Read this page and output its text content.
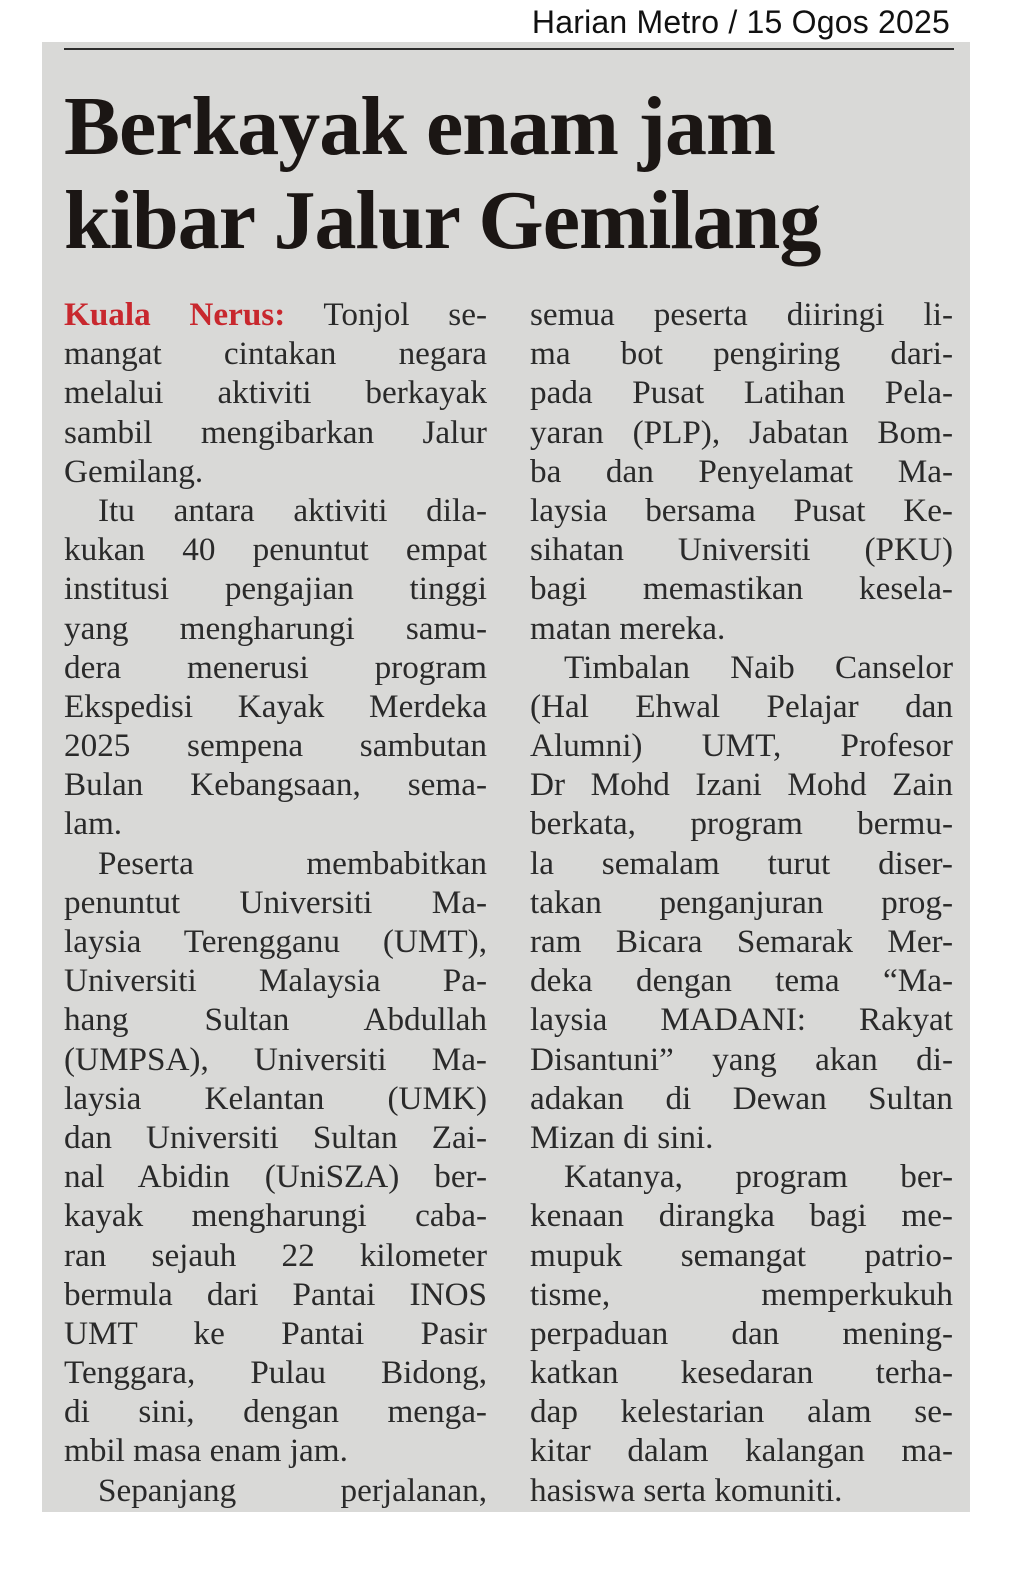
Harian Metro / 15 Ogos 2025
Berkayak enam jam
kibar Jalur Gemilang
Kuala Nerus: Tonjol se-
mangat cintakan negara
melalui aktiviti berkayak
sambil mengibarkan Jalur
Gemilang.
Itu antara aktiviti dila-
kukan 40 penuntut empat
institusi pengajian tinggi
yang mengharungi samu-
dera menerusi program
Ekspedisi Kayak Merdeka
2025 sempena sambutan
Bulan Kebangsaan, sema-
lam.
Peserta membabitkan
penuntut Universiti Ma-
laysia Terengganu (UMT),
Universiti Malaysia Pa-
hang Sultan Abdullah
(UMPSA), Universiti Ma-
laysia Kelantan (UMK)
dan Universiti Sultan Zai-
nal Abidin (UniSZA) ber-
kayak mengharungi caba-
ran sejauh 22 kilometer
bermula dari Pantai INOS
UMT ke Pantai Pasir
Tenggara, Pulau Bidong,
di sini, dengan menga-
mbil masa enam jam.
Sepanjang perjalanan,
semua peserta diiringi li-
ma bot pengiring dari-
pada Pusat Latihan Pela-
yaran (PLP), Jabatan Bom-
ba dan Penyelamat Ma-
laysia bersama Pusat Ke-
sihatan Universiti (PKU)
bagi memastikan kesela-
matan mereka.
Timbalan Naib Canselor
(Hal Ehwal Pelajar dan
Alumni) UMT, Profesor
Dr Mohd Izani Mohd Zain
berkata, program bermu-
la semalam turut diser-
takan penganjuran prog-
ram Bicara Semarak Mer-
deka dengan tema “Ma-
laysia MADANI: Rakyat
Disantuni” yang akan di-
adakan di Dewan Sultan
Mizan di sini.
Katanya, program ber-
kenaan dirangka bagi me-
mupuk semangat patrio-
tisme, memperkukuh
perpaduan dan mening-
katkan kesedaran terha-
dap kelestarian alam se-
kitar dalam kalangan ma-
hasiswa serta komuniti.
